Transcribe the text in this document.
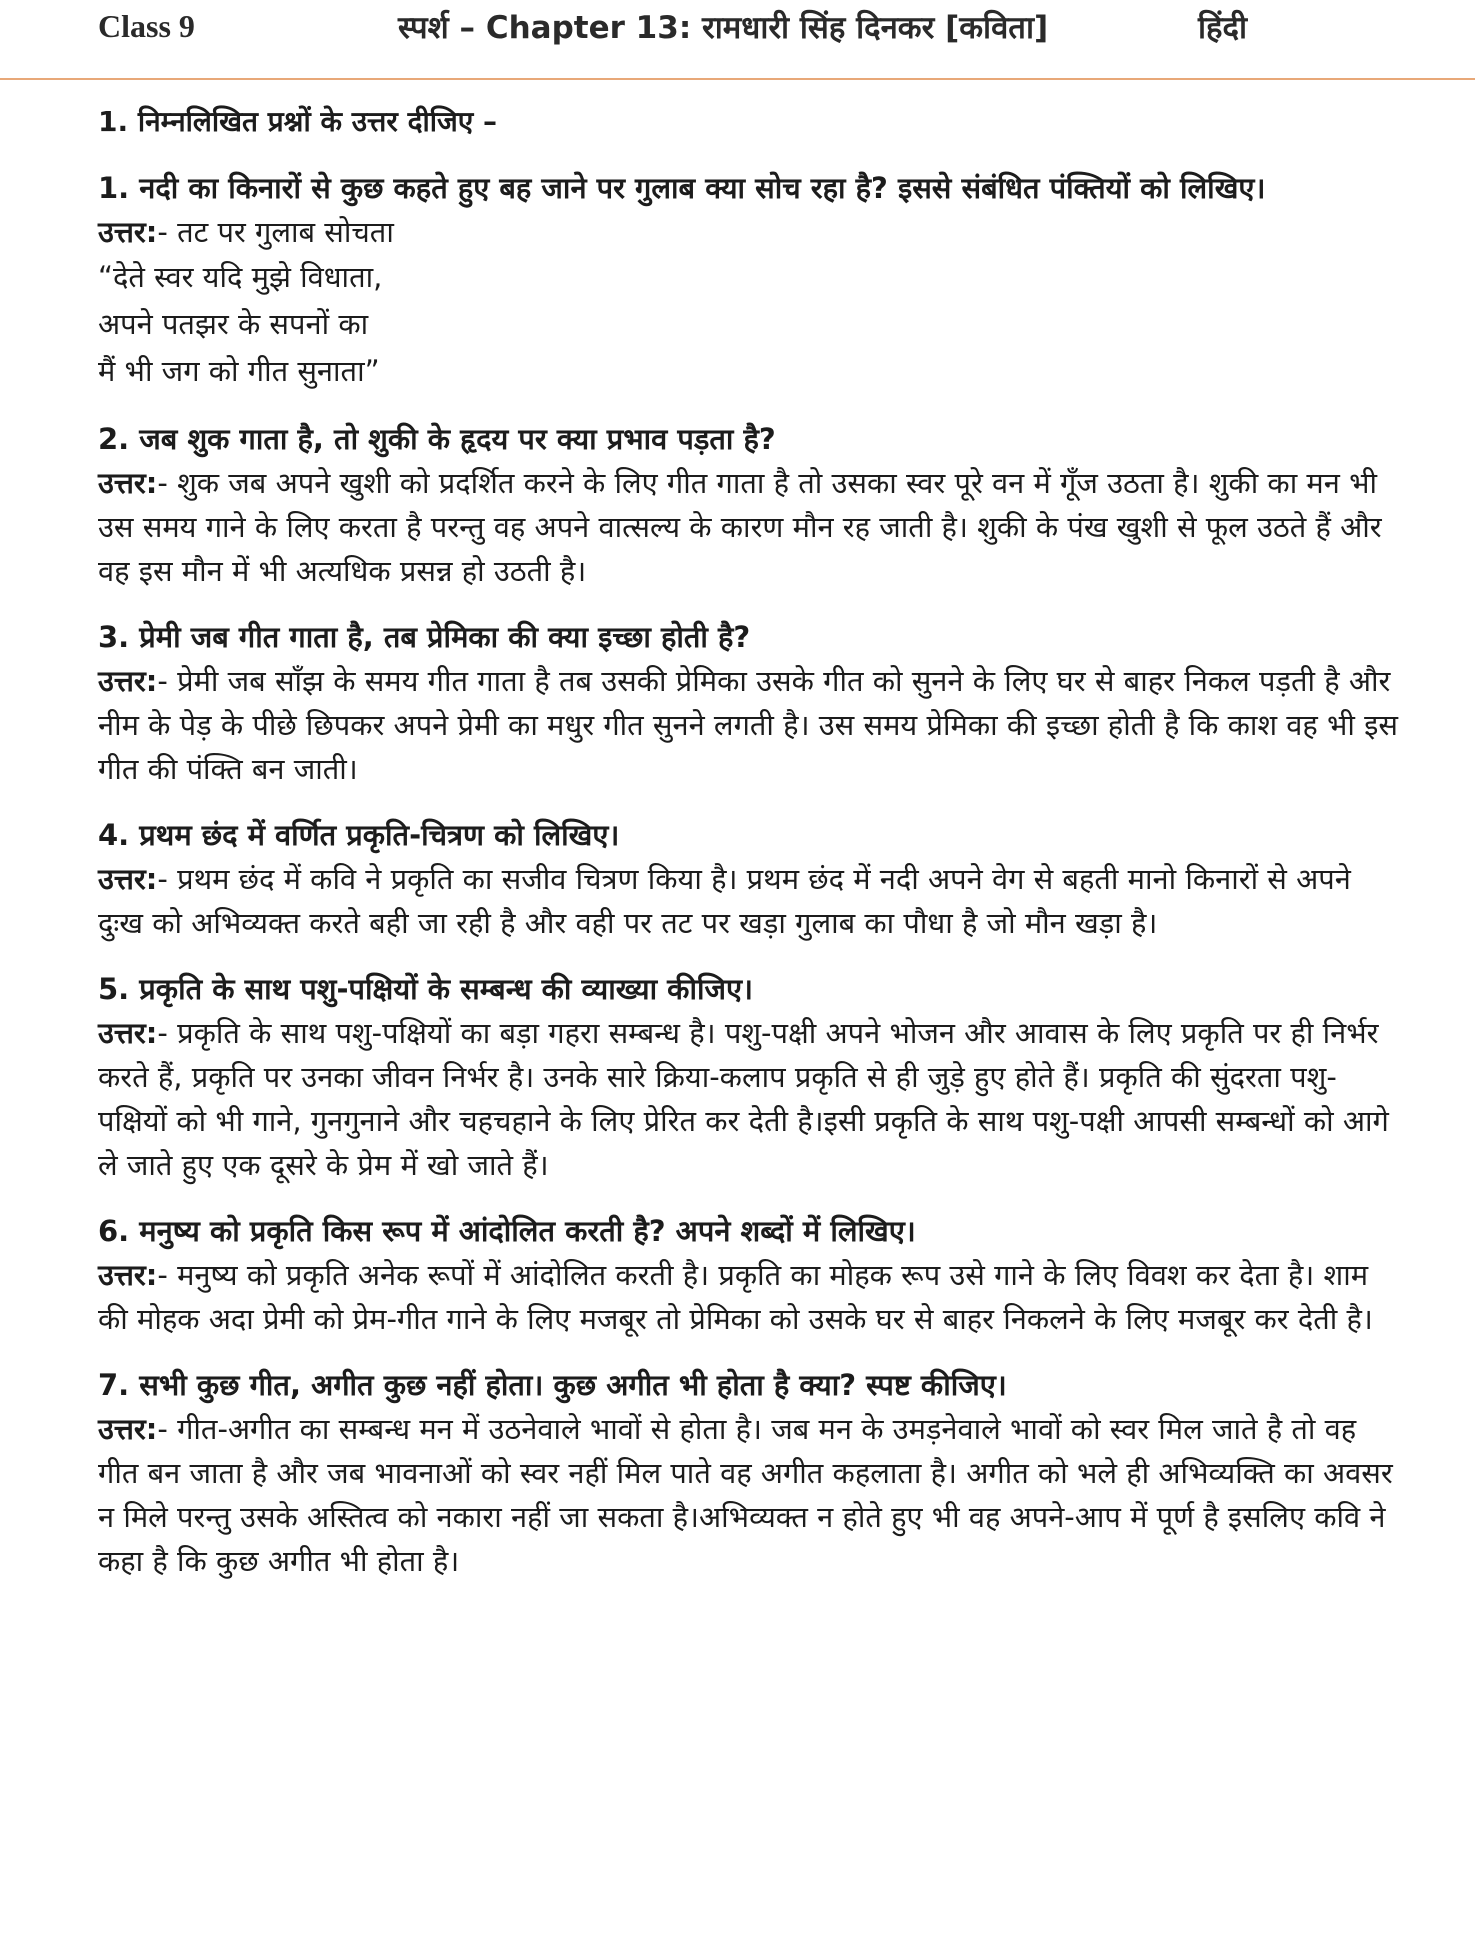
Class 9	स्पर्श – Chapter 13: रामधारी सिंह दिनकर [कविता]	हिंदी

1. निम्नलिखित प्रश्नों के उत्तर दीजिए –

1. नदी का किनारों से कुछ कहते हुए बह जाने पर गुलाब क्या सोच रहा है? इससे संबंधित पंक्तियों को लिखिए।

उत्तर:- तट पर गुलाब सोचता

“देते स्वर यदि मुझे विधाता,

अपने पतझर के सपनों का

मैं भी जग को गीत सुनाता”

2. जब शुक गाता है, तो शुकी के हृदय पर क्या प्रभाव पड़ता है?

उत्तर:- शुक जब अपने खुशी को प्रदर्शित करने के लिए गीत गाता है तो उसका स्वर पूरे वन में गूँज उठता है। शुकी का मन भी उस समय गाने के लिए करता है परन्तु वह अपने वात्सल्य के कारण मौन रह जाती है। शुकी के पंख खुशी से फूल उठते हैं और वह इस मौन में भी अत्यधिक प्रसन्न हो उठती है।

3. प्रेमी जब गीत गाता है, तब प्रेमिका की क्या इच्छा होती है?

उत्तर:- प्रेमी जब साँझ के समय गीत गाता है तब उसकी प्रेमिका उसके गीत को सुनने के लिए घर से बाहर निकल पड़ती है और नीम के पेड़ के पीछे छिपकर अपने प्रेमी का मधुर गीत सुनने लगती है। उस समय प्रेमिका की इच्छा होती है कि काश वह भी इस गीत की पंक्ति बन जाती।

4. प्रथम छंद में वर्णित प्रकृति-चित्रण को लिखिए।

उत्तर:- प्रथम छंद में कवि ने प्रकृति का सजीव चित्रण किया है। प्रथम छंद में नदी अपने वेग से बहती मानो किनारों से अपने दुःख को अभिव्यक्त करते बही जा रही है और वही पर तट पर खड़ा गुलाब का पौधा है जो मौन खड़ा है।

5. प्रकृति के साथ पशु-पक्षियों के सम्बन्ध की व्याख्या कीजिए।

उत्तर:- प्रकृति के साथ पशु-पक्षियों का बड़ा गहरा सम्बन्ध है। पशु-पक्षी अपने भोजन और आवास के लिए प्रकृति पर ही निर्भर करते हैं, प्रकृति पर उनका जीवन निर्भर है। उनके सारे क्रिया-कलाप प्रकृति से ही जुड़े हुए होते हैं। प्रकृति की सुंदरता पशु-पक्षियों को भी गाने, गुनगुनाने और चहचहाने के लिए प्रेरित कर देती है।इसी प्रकृति के साथ पशु-पक्षी आपसी सम्बन्धों को आगे ले जाते हुए एक दूसरे के प्रेम में खो जाते हैं।

6. मनुष्य को प्रकृति किस रूप में आंदोलित करती है? अपने शब्दों में लिखिए।

उत्तर:- मनुष्य को प्रकृति अनेक रूपों में आंदोलित करती है। प्रकृति का मोहक रूप उसे गाने के लिए विवश कर देता है। शाम की मोहक अदा प्रेमी को प्रेम-गीत गाने के लिए मजबूर तो प्रेमिका को उसके घर से बाहर निकलने के लिए मजबूर कर देती है।

7. सभी कुछ गीत, अगीत कुछ नहीं होता। कुछ अगीत भी होता है क्या? स्पष्ट कीजिए।

उत्तर:- गीत-अगीत का सम्बन्ध मन में उठनेवाले भावों से होता है। जब मन के उमड़नेवाले भावों को स्वर मिल जाते है तो वह गीत बन जाता है और जब भावनाओं को स्वर नहीं मिल पाते वह अगीत कहलाता है। अगीत को भले ही अभिव्यक्ति का अवसर न मिले परन्तु उसके अस्तित्व को नकारा नहीं जा सकता है।अभिव्यक्त न होते हुए भी वह अपने-आप में पूर्ण है इसलिए कवि ने कहा है कि कुछ अगीत भी होता है।
